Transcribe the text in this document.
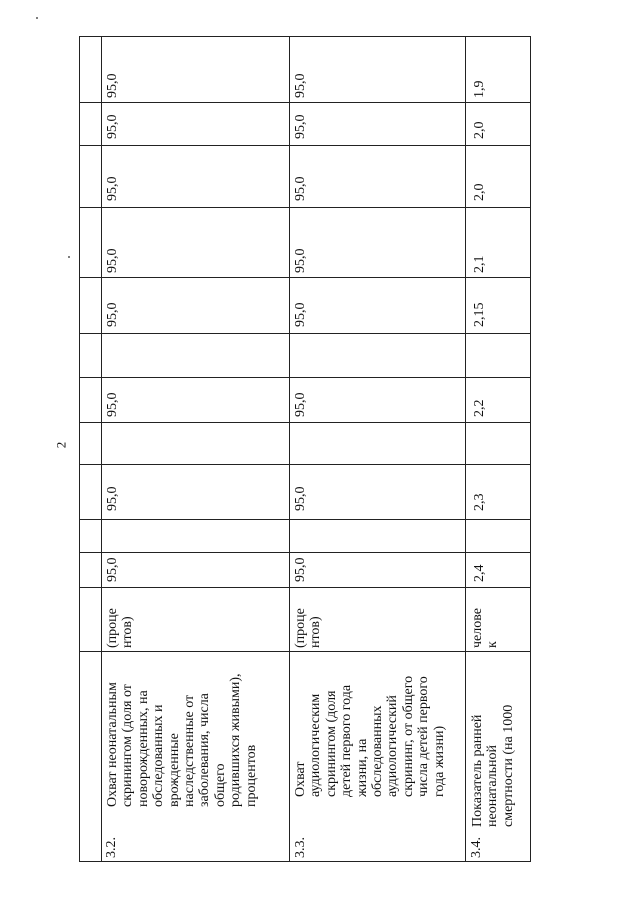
2
3.2.
Охват неонатальным скринингом (доля от новорожденных, на обследованных и врожденные наследственные от заболевания, числа общего родившихся живыми), процентов
(проце нтов)
95,0
95,0
95,0
95,0
95,0
95,0
95,0
95,0
3.3.
Охват аудиологическим скринингом (доля детей первого года жизни, на обследованных аудиологический скрининг, от общего числа детей первого года жизни)
(проце нтов)
95,0
95,0
95,0
95,0
95,0
95,0
95,0
95,0
3.4.
Показатель ранней неонатальной смертности (на 1000
челове к
2,4
2,3
2,2
2,15
2,1
2,0
2,0
1,9
